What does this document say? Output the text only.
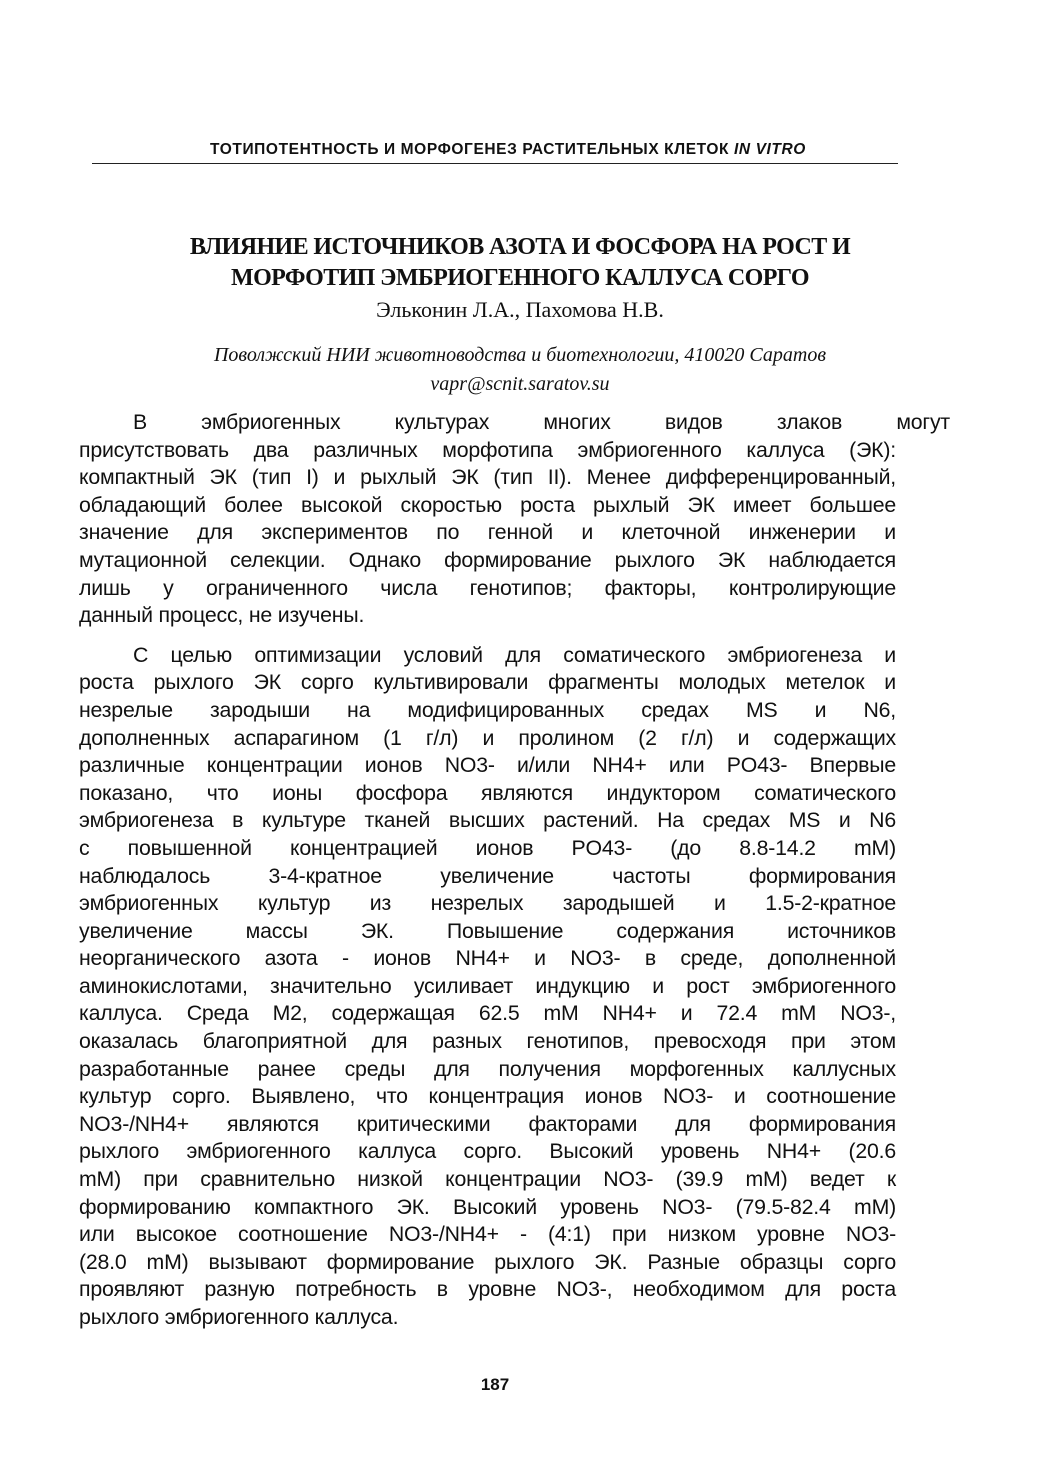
ТОТИПОТЕНТНОСТЬ И МОРФОГЕНЕЗ РАСТИТЕЛЬНЫХ КЛЕТОК IN VITRO
ВЛИЯНИЕ ИСТОЧНИКОВ АЗОТА И ФОСФОРА НА РОСТ И
МОРФОТИП ЭМБРИОГЕННОГО КАЛЛУСА СОРГО
Эльконин Л.А., Пахомова Н.В.
Поволжский НИИ животноводства и биотехнологии, 410020 Саратов
vapr@scnit.saratov.su
В эмбриогенных культурах многих видов злаков могут
присутствовать два различных морфотипа эмбриогенного каллуса (ЭК):
компактный ЭК (тип I) и рыхлый ЭК (тип II). Менее дифференцированный,
обладающий более высокой скоростью роста рыхлый ЭК имеет большее
значение для экспериментов по генной и клеточной инженерии и
мутационной селекции. Однако формирование рыхлого ЭК наблюдается
лишь у ограниченного числа генотипов; факторы, контролирующие
данный процесс, не изучены.
С целью оптимизации условий для соматического эмбриогенеза и
роста рыхлого ЭК сорго культивировали фрагменты молодых метелок и
незрелые зародыши на модифицированных средах MS и N6,
дополненных аспарагином (1 г/л) и пролином (2 г/л) и содержащих
различные концентрации ионов NO3- и/или NH4+ или PO43- Впервые
показано, что ионы фосфора являются индуктором соматического
эмбриогенеза в культуре тканей высших растений. На средах MS и N6
с повышенной концентрацией ионов PO43- (до 8.8-14.2 mM)
наблюдалось 3-4-кратное увеличение частоты формирования
эмбриогенных культур из незрелых зародышей и 1.5-2-кратное
увеличение массы ЭК. Повышение содержания источников
неорганического азота - ионов NH4+ и NO3- в среде, дополненной
аминокислотами, значительно усиливает индукцию и рост эмбриогенного
каллуса. Среда M2, содержащая 62.5 mM NH4+ и 72.4 mM NO3-,
оказалась благоприятной для разных генотипов, превосходя при этом
разработанные ранее среды для получения морфогенных каллусных
культур сорго. Выявлено, что концентрация ионов NO3- и соотношение
NO3-/NH4+ являются критическими факторами для формирования
рыхлого эмбриогенного каллуса сорго. Высокий уровень NH4+ (20.6
mM) при сравнительно низкой концентрации NO3- (39.9 mM) ведет к
формированию компактного ЭК. Высокий уровень NO3- (79.5-82.4 mM)
или высокое соотношение NO3-/NH4+ - (4:1) при низком уровне NO3-
(28.0 mM) вызывают формирование рыхлого ЭК. Разные образцы сорго
проявляют разную потребность в уровне NO3-, необходимом для роста
рыхлого эмбриогенного каллуса.
187
